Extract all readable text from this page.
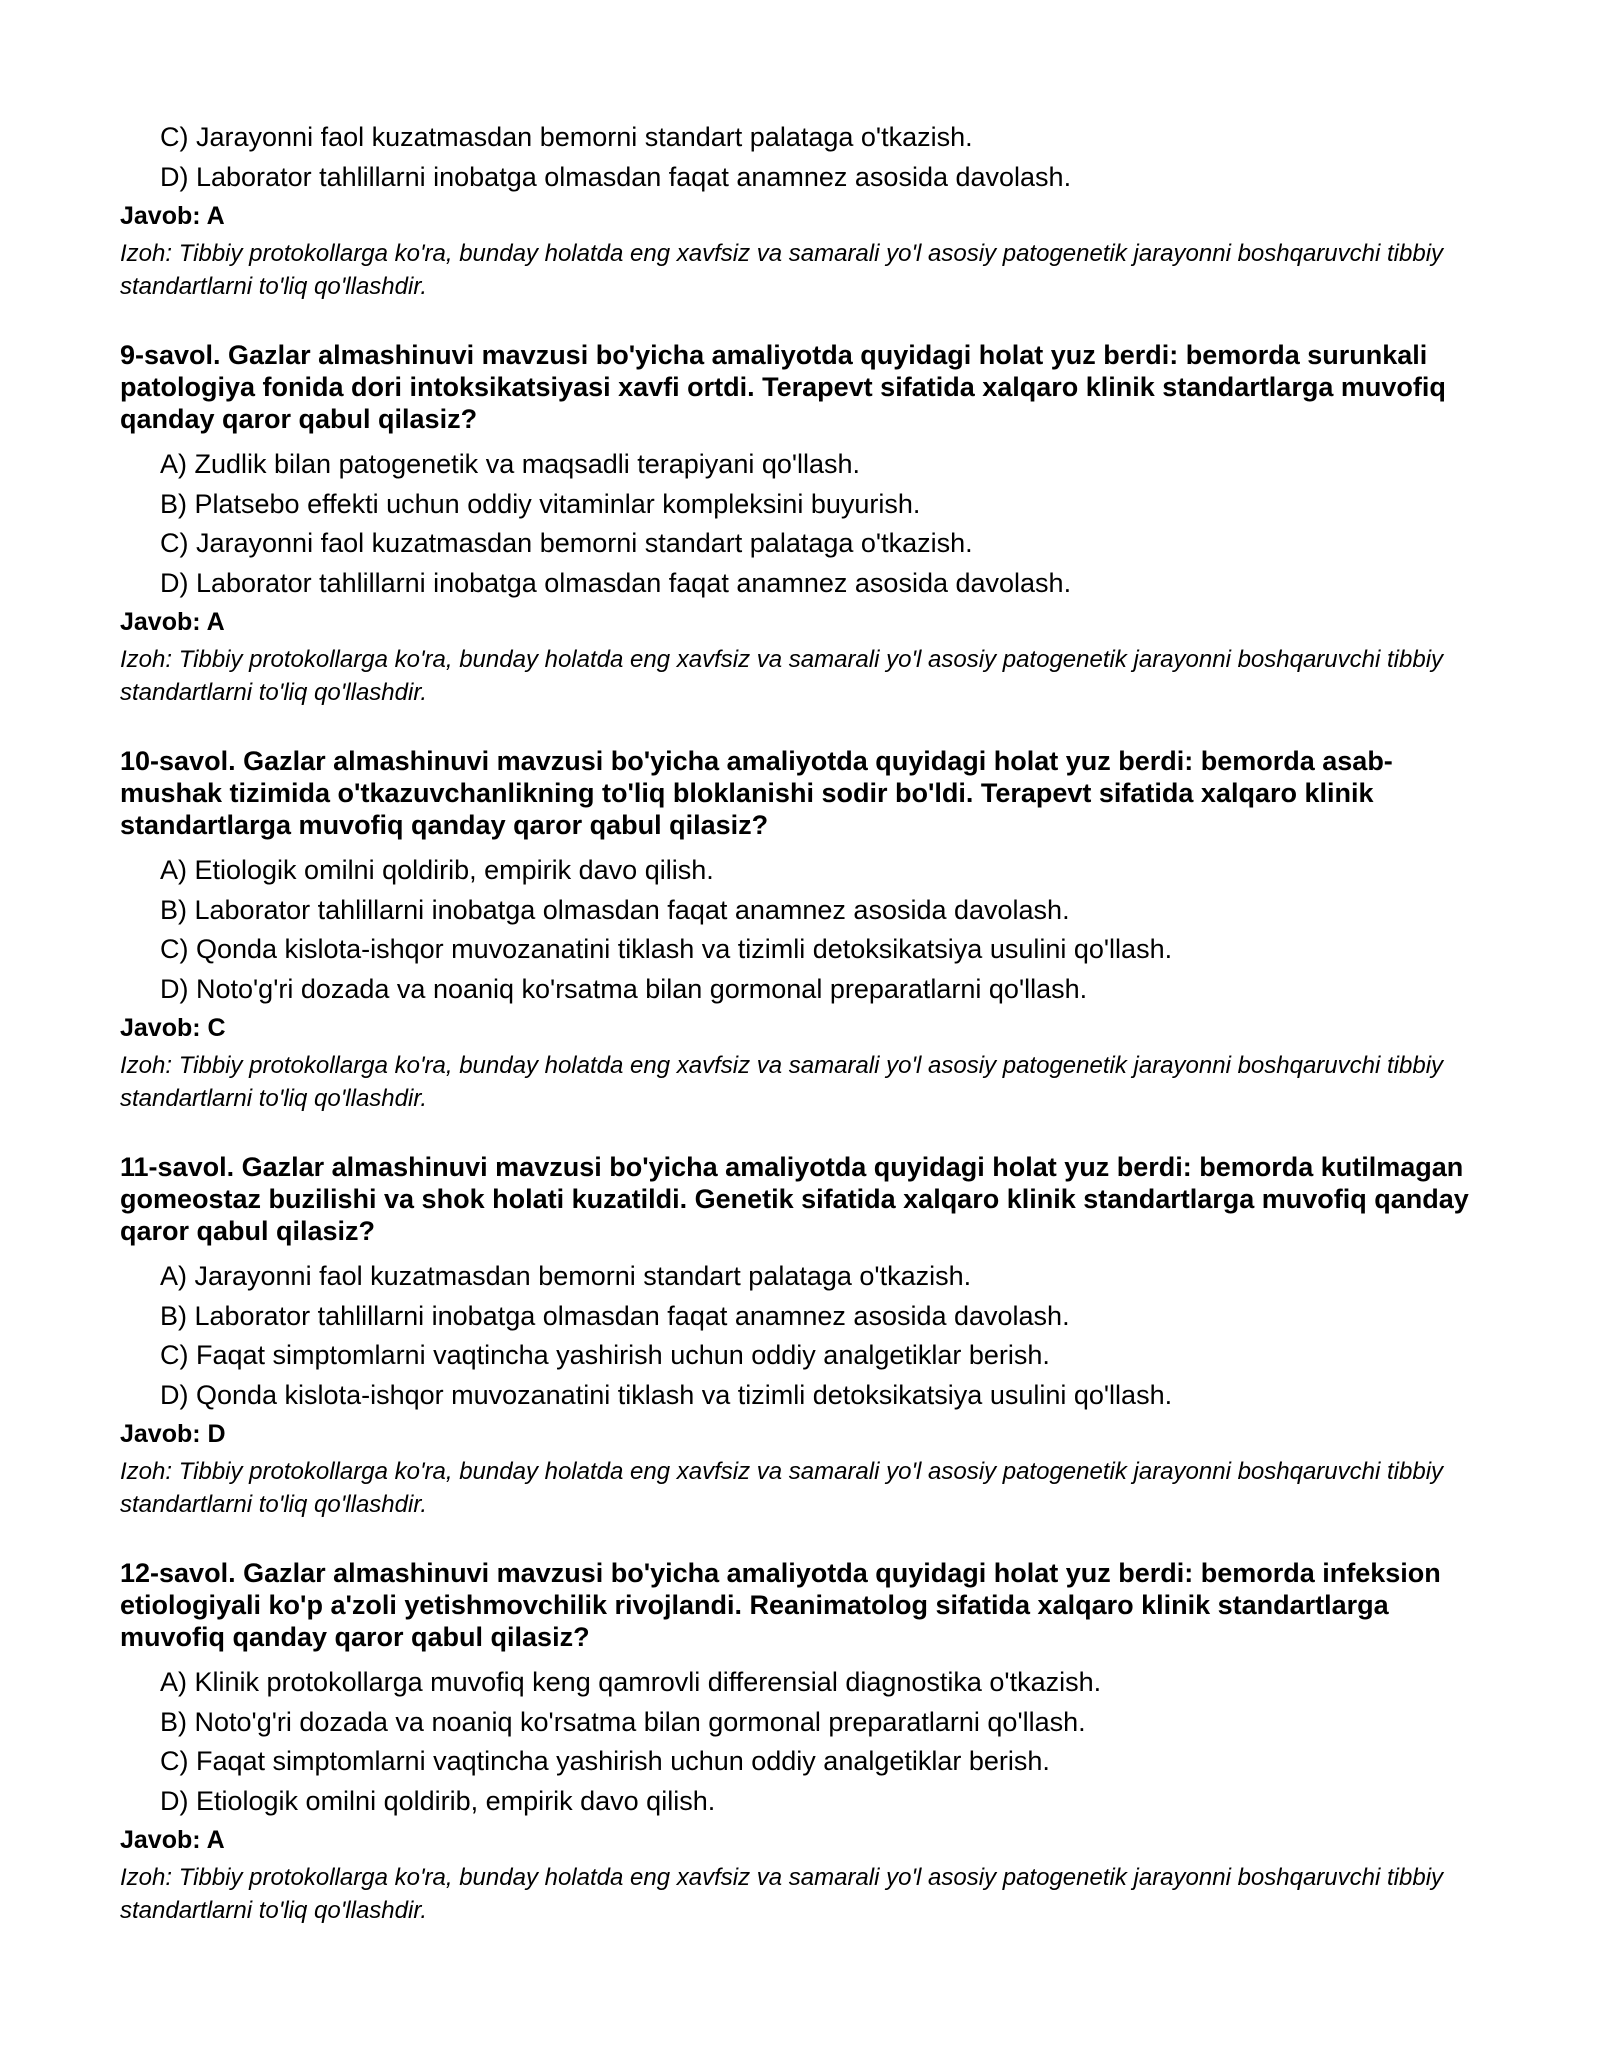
C) Jarayonni faol kuzatmasdan bemorni standart palataga o'tkazish.
D) Laborator tahlillarni inobatga olmasdan faqat anamnez asosida davolash.
Javob: A
Izoh: Tibbiy protokollarga ko'ra, bunday holatda eng xavfsiz va samarali yo'l asosiy patogenetik jarayonni boshqaruvchi tibbiy standartlarni to'liq qo'llashdir.
9-savol. Gazlar almashinuvi mavzusi bo'yicha amaliyotda quyidagi holat yuz berdi: bemorda surunkali patologiya fonida dori intoksikatsiyasi xavfi ortdi. Terapevt sifatida xalqaro klinik standartlarga muvofiq qanday qaror qabul qilasiz?
A) Zudlik bilan patogenetik va maqsadli terapiyani qo'llash.
B) Platsebo effekti uchun oddiy vitaminlar kompleksini buyurish.
C) Jarayonni faol kuzatmasdan bemorni standart palataga o'tkazish.
D) Laborator tahlillarni inobatga olmasdan faqat anamnez asosida davolash.
Javob: A
Izoh: Tibbiy protokollarga ko'ra, bunday holatda eng xavfsiz va samarali yo'l asosiy patogenetik jarayonni boshqaruvchi tibbiy standartlarni to'liq qo'llashdir.
10-savol. Gazlar almashinuvi mavzusi bo'yicha amaliyotda quyidagi holat yuz berdi: bemorda asab-mushak tizimida o'tkazuvchanlikning to'liq bloklanishi sodir bo'ldi. Terapevt sifatida xalqaro klinik standartlarga muvofiq qanday qaror qabul qilasiz?
A) Etiologik omilni qoldirib, empirik davo qilish.
B) Laborator tahlillarni inobatga olmasdan faqat anamnez asosida davolash.
C) Qonda kislota-ishqor muvozanatini tiklash va tizimli detoksikatsiya usulini qo'llash.
D) Noto'g'ri dozada va noaniq ko'rsatma bilan gormonal preparatlarni qo'llash.
Javob: C
Izoh: Tibbiy protokollarga ko'ra, bunday holatda eng xavfsiz va samarali yo'l asosiy patogenetik jarayonni boshqaruvchi tibbiy standartlarni to'liq qo'llashdir.
11-savol. Gazlar almashinuvi mavzusi bo'yicha amaliyotda quyidagi holat yuz berdi: bemorda kutilmagan gomeostaz buzilishi va shok holati kuzatildi. Genetik sifatida xalqaro klinik standartlarga muvofiq qanday qaror qabul qilasiz?
A) Jarayonni faol kuzatmasdan bemorni standart palataga o'tkazish.
B) Laborator tahlillarni inobatga olmasdan faqat anamnez asosida davolash.
C) Faqat simptomlarni vaqtincha yashirish uchun oddiy analgetiklar berish.
D) Qonda kislota-ishqor muvozanatini tiklash va tizimli detoksikatsiya usulini qo'llash.
Javob: D
Izoh: Tibbiy protokollarga ko'ra, bunday holatda eng xavfsiz va samarali yo'l asosiy patogenetik jarayonni boshqaruvchi tibbiy standartlarni to'liq qo'llashdir.
12-savol. Gazlar almashinuvi mavzusi bo'yicha amaliyotda quyidagi holat yuz berdi: bemorda infeksion etiologiyali ko'p a'zoli yetishmovchilik rivojlandi. Reanimatolog sifatida xalqaro klinik standartlarga muvofiq qanday qaror qabul qilasiz?
A) Klinik protokollarga muvofiq keng qamrovli differensial diagnostika o'tkazish.
B) Noto'g'ri dozada va noaniq ko'rsatma bilan gormonal preparatlarni qo'llash.
C) Faqat simptomlarni vaqtincha yashirish uchun oddiy analgetiklar berish.
D) Etiologik omilni qoldirib, empirik davo qilish.
Javob: A
Izoh: Tibbiy protokollarga ko'ra, bunday holatda eng xavfsiz va samarali yo'l asosiy patogenetik jarayonni boshqaruvchi tibbiy standartlarni to'liq qo'llashdir.
